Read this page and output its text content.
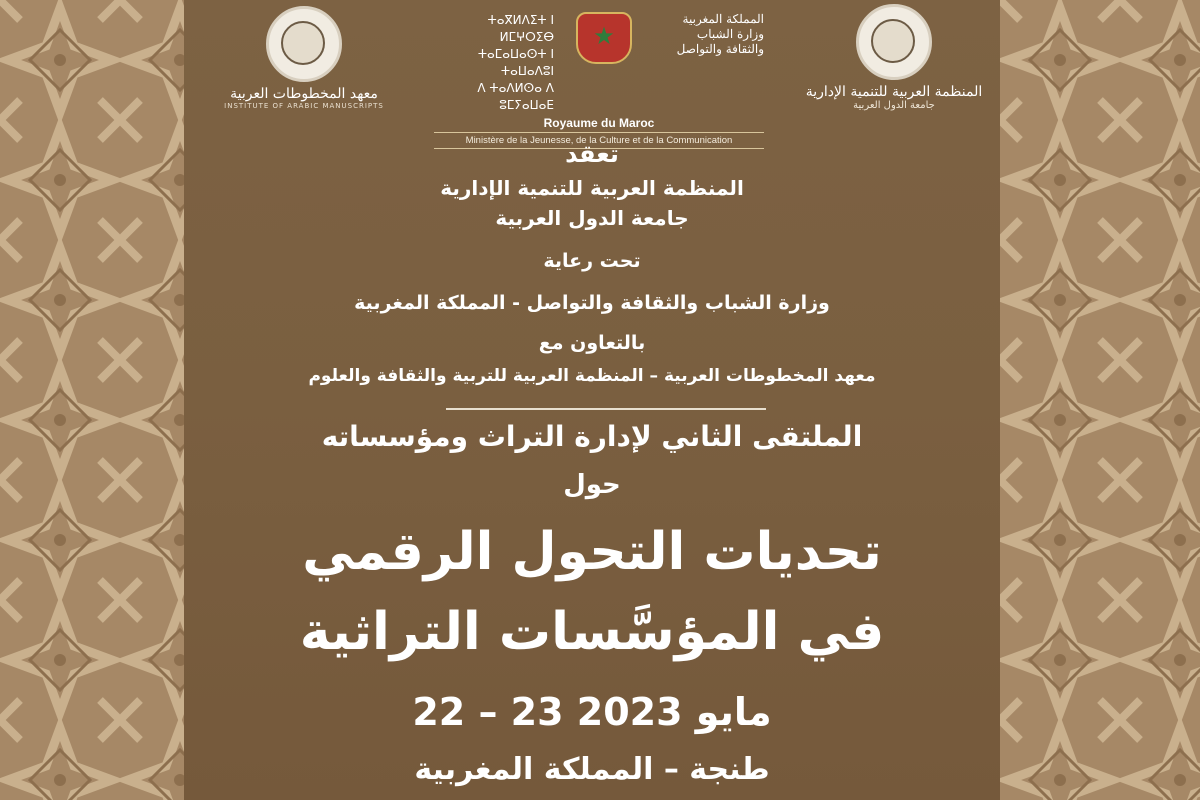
معهد المخطوطات العربية
INSTITUTE OF ARABIC MANUSCRIPTS
ⵜⴰⴳⵍⴷⵉⵜ ⵏ ⵍⵎⵖⵔⵉⴱ
ⵜⴰⵎⴰⵡⴰⵙⵜ ⵏ ⵜⴰⵡⴰⴷⵓⵏ
ⴷ ⵜⴰⴷⵍⵙⴰ ⴷ ⵓⵎⵢⴰⵡⴰⴹ
★
المملكة المغربية
وزارة الشباب
والثقافة والتواصل
Royaume du Maroc
Ministère de la Jeunesse, de la Culture et de la Communication
المنظمة العربية للتنمية الإدارية
جامعة الدول العربية
تعقد
المنظمة العربية للتنمية الإدارية
جامعة الدول العربية
تحت رعاية
وزارة الشباب والثقافة والتواصل - المملكة المغربية
بالتعاون مع
معهد المخطوطات العربية – المنظمة العربية للتربية والثقافة والعلوم
الملتقى الثاني لإدارة التراث ومؤسساته
حول
تحديات التحول الرقمي
في المؤسَّسات التراثية
22 – 23 مايو 2023
طنجة – المملكة المغربية
